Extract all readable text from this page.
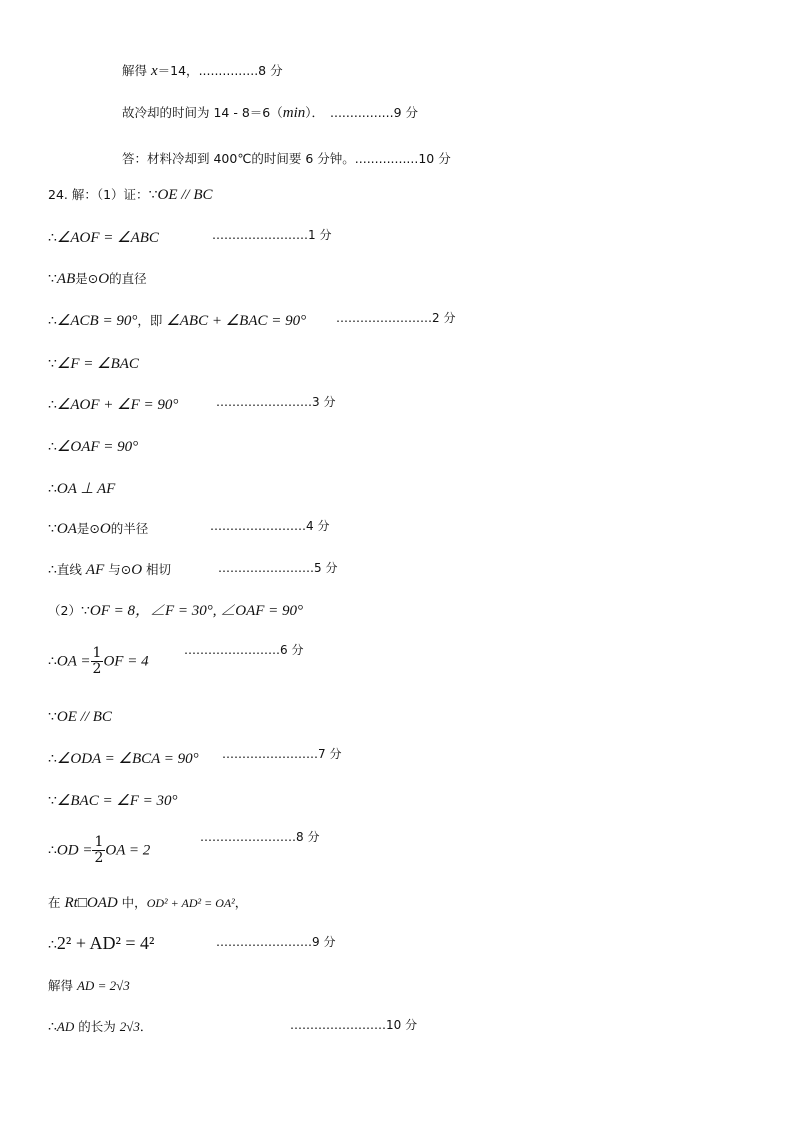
解得 x＝14，...............8 分
故冷却的时间为 14 - 8＝6（min）． ................9 分
答：材料冷却到 400℃的时间要 6 分钟。................10 分
24. 解：（1）证：∵OE // BC
∴∠AOF = ∠ABC	……………………1 分
∵AB是⊙O的直径
∴∠ACB = 90°，即 ∠ABC + ∠BAC = 90° ……………………2 分
∵∠F = ∠BAC
∴∠AOF + ∠F = 90°	……………………3 分
∴∠OAF = 90°
∴OA ⊥ AF
∵OA是⊙O的半径	……………………4 分
∴直线 AF 与⊙O 相切	……………………5 分
（2）∵OF = 8，∠F = 30°, ∠OAF = 90°
∴OA = $\frac{1}{2}$ OF = 4
……………………6 分
∵OE // BC
∴∠ODA = ∠BCA = 90° ……………………7 分
∵∠BAC = ∠F = 30°
∴OD = $\frac{1}{2}$ OA = 2
……………………8 分
在 Rt□OAD 中，OD² + AD² = OA²，
∴2² + AD² = 4²	……………………9 分
解得 AD = 2√3
∴AD 的长为 2√3．	……………………10 分
